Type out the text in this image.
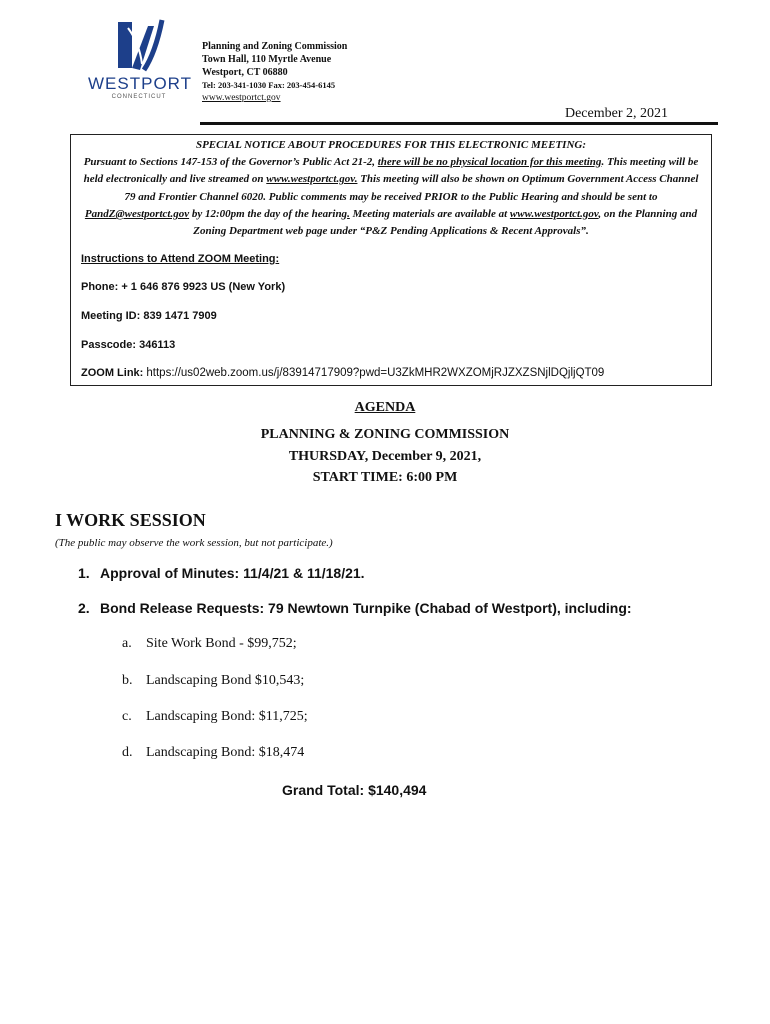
WESTPORT
CONNECTICUT
Planning and Zoning Commission
Town Hall, 110 Myrtle Avenue
Westport, CT 06880
Tel: 203-341-1030 Fax: 203-454-6145
www.westportct.gov
December 2, 2021
SPECIAL NOTICE ABOUT PROCEDURES FOR THIS ELECTRONIC MEETING:
Pursuant to Sections 147-153 of the Governor’s Public Act 21-2, there will be no physical location for this meeting. This meeting will be held electronically and live streamed on www.westportct.gov. This meeting will also be shown on Optimum Government Access Channel 79 and Frontier Channel 6020. Public comments may be received PRIOR to the Public Hearing and should be sent to PandZ@westportct.gov by 12:00pm the day of the hearing. Meeting materials are available at www.westportct.gov, on the Planning and Zoning Department web page under “P&Z Pending Applications & Recent Approvals”.
Instructions to Attend ZOOM Meeting:
Phone: + 1 646 876 9923 US (New York)
Meeting ID: 839 1471 7909
Passcode: 346113
ZOOM Link: https://us02web.zoom.us/j/83914717909?pwd=U3ZkMHR2WXZOMjRJZXZSNjlDQjljQT09
AGENDA
PLANNING & ZONING COMMISSION
THURSDAY, December 9, 2021,
START TIME: 6:00 PM
I WORK SESSION
(The public may observe the work session, but not participate.)
1. Approval of Minutes: 11/4/21 & 11/18/21.
2. Bond Release Requests: 79 Newtown Turnpike (Chabad of Westport), including:
a. Site Work Bond - $99,752;
b. Landscaping Bond $10,543;
c. Landscaping Bond: $11,725;
d. Landscaping Bond: $18,474
Grand Total: $140,494
